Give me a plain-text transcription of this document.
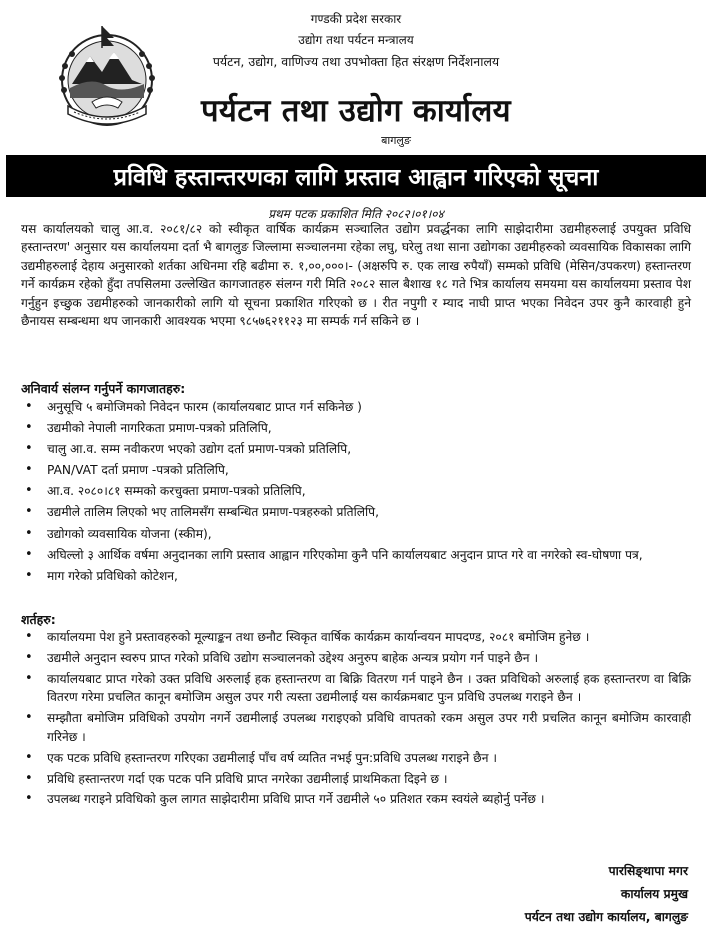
गण्डकी प्रदेश सरकार
उद्योग तथा पर्यटन मन्त्रालय
पर्यटन, उद्योग, वाणिज्य तथा उपभोक्ता हित संरक्षण निर्देशनालय
पर्यटन तथा उद्योग कार्यालय
बागलुङ
प्रविधि हस्तान्तरणका लागि प्रस्ताव आह्वान गरिएको सूचना
प्रथम पटक प्रकाशित मिति २०८२।०१।०४
यस कार्यालयको चालु आ.व. २०८१/८२ को स्वीकृत वार्षिक कार्यक्रम सञ्चालित उद्योग प्रवर्द्धनका लागि साझेदारीमा उद्यमीहरुलाई उपयुक्त प्रविधि हस्तान्तरण' अनुसार यस कार्यालयमा दर्ता भै बागलुङ जिल्लामा सञ्चालनमा रहेका लघु, घरेलु तथा साना उद्योगका उद्यमीहरुको व्यवसायिक विकासका लागि उद्यमीहरुलाई देहाय अनुसारको शर्तका अधिनमा रहि बढीमा रु. १,००,०००।- (अक्षरुपि रु. एक लाख रुपैयाँ) सम्मको प्रविधि (मेसिन/उपकरण) हस्तान्तरण गर्ने कार्यक्रम रहेको हुँदा तपसिलमा उल्लेखित कागजातहरु संलग्न गरी मिति २०८२ साल बैशाख १८ गते भित्र कार्यालय समयमा यस कार्यालयमा प्रस्ताव पेश गर्नुहुन इच्छुक उद्यमीहरुको जानकारीको लागि यो सूचना प्रकाशित गरिएको छ । रीत नपुगी र म्याद नाघी प्राप्त भएका निवेदन उपर कुनै कारवाही हुने छैनायस सम्बन्धमा थप जानकारी आवश्यक भएमा ९८५७६२११२३ मा सम्पर्क गर्न सकिने छ ।
अनिवार्य संलग्न गर्नुपर्ने कागजातहरु:
• अनुसूचि ५ बमोजिमको निवेदन फारम (कार्यालयबाट प्राप्त गर्न सकिनेछ )
• उद्यमीको नेपाली नागरिकता प्रमाण-पत्रको प्रतिलिपि,
• चालु आ.व. सम्म नवीकरण भएको उद्योग दर्ता प्रमाण-पत्रको प्रतिलिपि,
• PAN/VAT दर्ता प्रमाण -पत्रको प्रतिलिपि,
• आ.व. २०८०।८१ सम्मको करचुक्ता प्रमाण-पत्रको प्रतिलिपि,
• उद्यमीले तालिम लिएको भए तालिमसँग सम्बन्धित प्रमाण-पत्रहरुको प्रतिलिपि,
• उद्योगको व्यवसायिक योजना (स्कीम),
• अघिल्लो ३ आर्थिक वर्षमा अनुदानका लागि प्रस्ताव आह्वान गरिएकोमा कुनै पनि कार्यालयबाट अनुदान प्राप्त गरे वा नगरेको स्व-घोषणा पत्र,
• माग गरेको प्रविधिको कोटेशन,
शर्तहरु:
• कार्यालयमा पेश हुने प्रस्तावहरुको मूल्याङ्कन तथा छनौट स्विकृत वार्षिक कार्यक्रम कार्यान्वयन मापदण्ड, २०८१ बमोजिम हुनेछ ।
• उद्यमीले अनुदान स्वरुप प्राप्त गरेको प्रविधि उद्योग सञ्चालनको उद्देश्य अनुरुप बाहेक अन्यत्र प्रयोग गर्न पाइने छैन ।
• कार्यालयबाट प्राप्त गरेको उक्त प्रविधि अरुलाई हक हस्तान्तरण वा बिक्रि वितरण गर्न पाइने छैन । उक्त प्रविधिको अरुलाई हक हस्तान्तरण वा बिक्रि वितरण गरेमा प्रचलित कानून बमोजिम असुल उपर गरी त्यस्ता उद्यमीलाई यस कार्यक्रमबाट पुःन प्रविधि उपलब्ध गराइने छैन ।
• सम्झौता बमोजिम प्रविधिको उपयोग नगर्ने उद्यमीलाई उपलब्ध गराइएको प्रविधि वापतको रकम असुल उपर गरी प्रचलित कानून बमोजिम कारवाही गरिनेछ ।
• एक पटक प्रविधि हस्तान्तरण गरिएका उद्यमीलाई पाँच वर्ष व्यतित नभई पुन:प्रविधि उपलब्ध गराइने छैन ।
• प्रविधि हस्तान्तरण गर्दा एक पटक पनि प्रविधि प्राप्त नगरेका उद्यमीलाई प्राथमिकता दिइने छ ।
• उपलब्ध गराइने प्रविधिको कुल लागत साझेदारीमा प्रविधि प्राप्त गर्ने उद्यमीले ५० प्रतिशत रकम स्वयंले ब्यहोर्नु पर्नेछ ।
पारसिङ्थापा मगर
कार्यालय प्रमुख
पर्यटन तथा उद्योग कार्यालय, बागलुङ
